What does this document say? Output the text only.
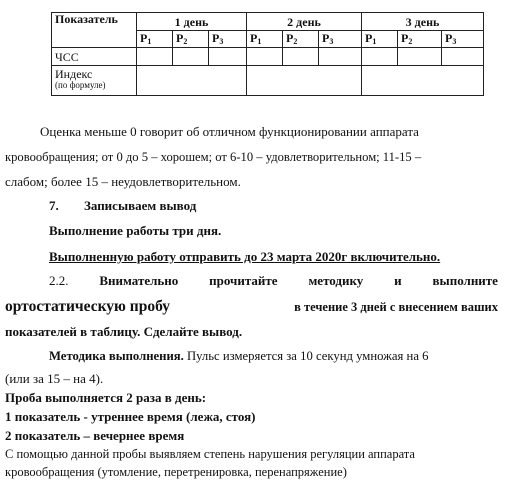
Показатель	1 день			2 день			3 день		
	$Р_1$	$Р_2$	$Р_3$	$Р_1$	$Р_2$	$Р_3$	$Р_1$	$Р_2$	$Р_3$
ЧСС									
Индекс
(по формуле)									

Оценка меньше 0 говорит об отличном функционировании аппарата
кровообращения; от 0 до 5 – хорошем; от 6-10 – удовлетворительном; 11-15 –
слабом; более 15 – неудовлетворительном.
7. Записываем вывод
Выполнение работы три дня.
Выполненную работу отправить до 23 марта 2020г включительно.
2.2. Внимательно прочитайте методику и выполните
ортостатическую пробу	в течение 3 дней с внесением ваших
показателей в таблицу. Сделайте вывод.
Методика выполнения. Пульс измеряется за 10 секунд умножая на 6
(или за 15 – на 4).
Проба выполняется 2 раза в день:
1 показатель - утреннее время (лежа, стоя)
2 показатель – вечернее время
С помощью данной пробы выявляем степень нарушения регуляции аппарата
кровообращения (утомление, перетренировка, перенапряжение)
